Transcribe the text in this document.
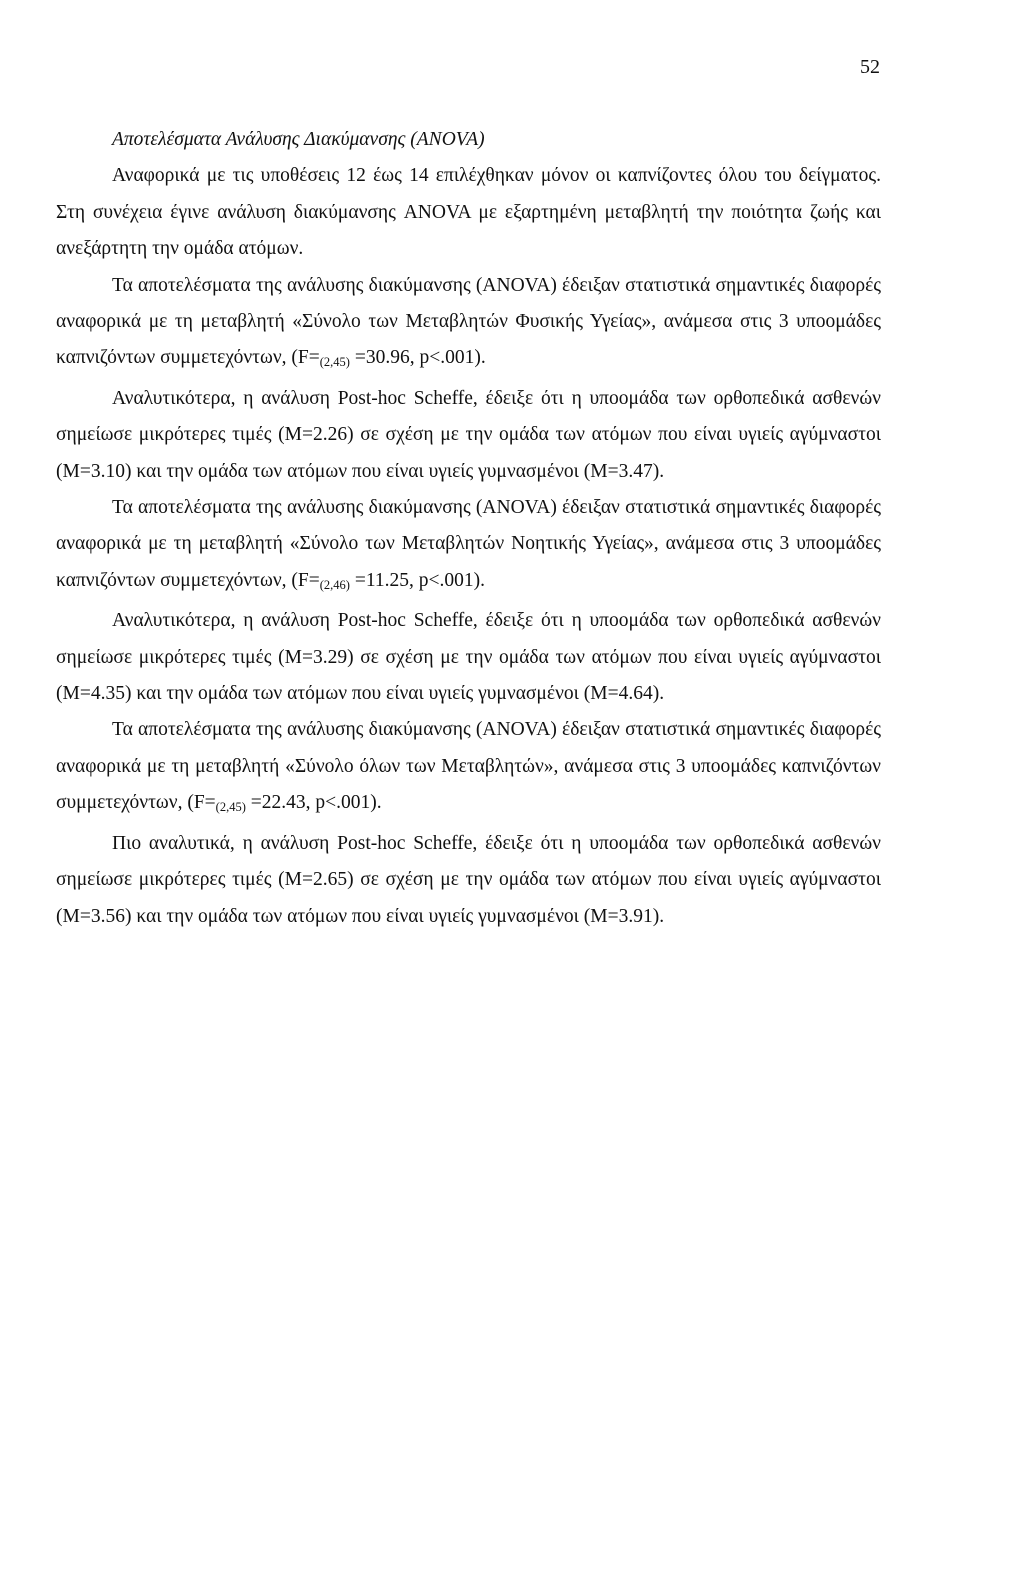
52
Αποτελέσματα Ανάλυσης Διακύμανσης (ANOVA)

Αναφορικά με τις υποθέσεις 12 έως 14 επιλέχθηκαν μόνον οι καπνίζοντες όλου του δείγματος. Στη συνέχεια έγινε ανάλυση διακύμανσης ANOVA με εξαρτημένη μεταβλητή την ποιότητα ζωής και ανεξάρτητη την ομάδα ατόμων.

Τα αποτελέσματα της ανάλυσης διακύμανσης (ANOVA) έδειξαν στατιστικά σημαντικές διαφορές αναφορικά με τη μεταβλητή «Σύνολο των Μεταβλητών Φυσικής Υγείας», ανάμεσα στις 3 υποομάδες καπνιζόντων συμμετεχόντων, ($F=_{(2,45)} =30.96$, p<.001).

Αναλυτικότερα, η ανάλυση Post-hoc Scheffe, έδειξε ότι η υποομάδα των ορθοπεδικά ασθενών σημείωσε μικρότερες τιμές (M=2.26) σε σχέση με την ομάδα των ατόμων που είναι υγιείς αγύμναστοι (M=3.10) και την ομάδα των ατόμων που είναι υγιείς γυμνασμένοι (M=3.47).

Τα αποτελέσματα της ανάλυσης διακύμανσης (ANOVA) έδειξαν στατιστικά σημαντικές διαφορές αναφορικά με τη μεταβλητή «Σύνολο των Μεταβλητών Νοητικής Υγείας», ανάμεσα στις 3 υποομάδες καπνιζόντων συμμετεχόντων, ($F=_{(2,46)} =11.25$, p<.001).

Αναλυτικότερα, η ανάλυση Post-hoc Scheffe, έδειξε ότι η υποομάδα των ορθοπεδικά ασθενών σημείωσε μικρότερες τιμές (M=3.29) σε σχέση με την ομάδα των ατόμων που είναι υγιείς αγύμναστοι (M=4.35) και την ομάδα των ατόμων που είναι υγιείς γυμνασμένοι (M=4.64).

Τα αποτελέσματα της ανάλυσης διακύμανσης (ANOVA) έδειξαν στατιστικά σημαντικές διαφορές αναφορικά με τη μεταβλητή «Σύνολο όλων των Μεταβλητών», ανάμεσα στις 3 υποομάδες καπνιζόντων συμμετεχόντων, ($F=_{(2,45)} =22.43$, p<.001).

Πιο αναλυτικά, η ανάλυση Post-hoc Scheffe, έδειξε ότι η υποομάδα των ορθοπεδικά ασθενών σημείωσε μικρότερες τιμές (M=2.65) σε σχέση με την ομάδα των ατόμων που είναι υγιείς αγύμναστοι (M=3.56) και την ομάδα των ατόμων που είναι υγιείς γυμνασμένοι (M=3.91).
